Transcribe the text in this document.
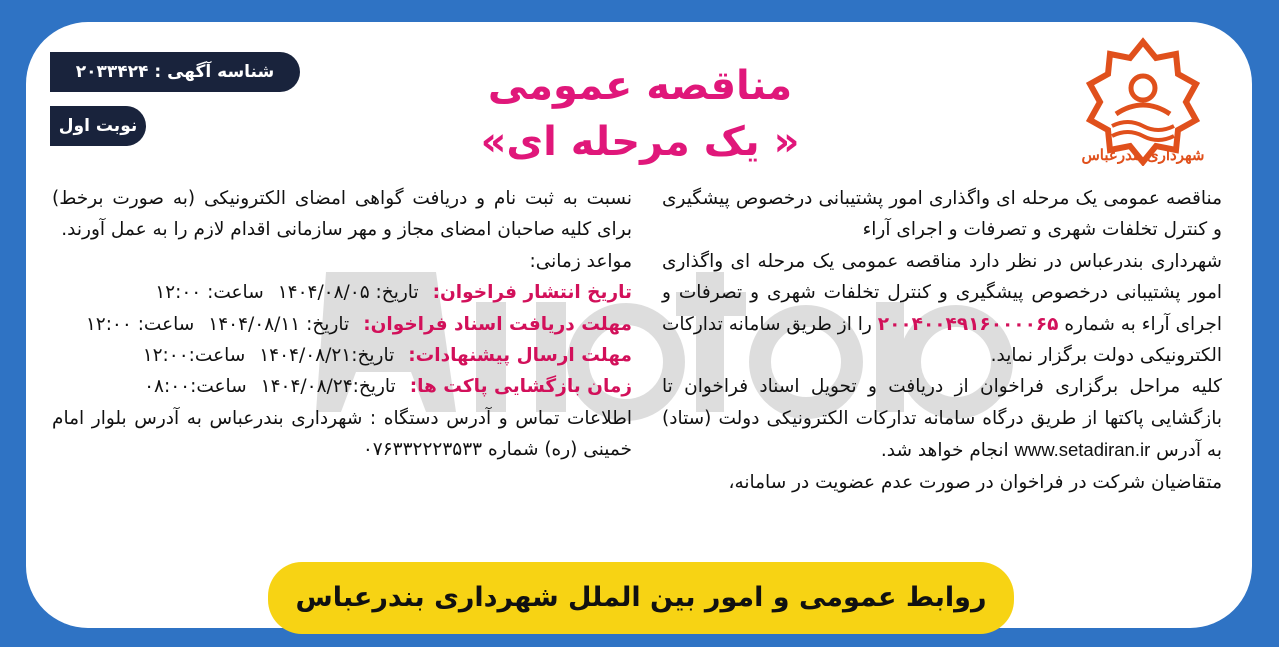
شهرداری بندرعباس
شناسه آگهی : ۲۰۳۳۴۲۴
نوبت اول
مناقصه عمومی
«یک مرحله ای »

مناقصه عمومی یک مرحله ای واگذاری امور پشتیبانی درخصوص پیشگیری و کنترل تخلفات شهری و تصرفات و اجرای آراء

شهرداری بندرعباس در نظر دارد مناقصه عمومی یک مرحله ای واگذاری امور پشتیبانی درخصوص پیشگیری و کنترل تخلفات شهری و تصرفات و اجرای آراء به شماره ۲۰۰۴۰۰۴۹۱۶۰۰۰۰۶۵ را از طریق سامانه تدارکات الکترونیکی دولت برگزار نماید.

کلیه مراحل برگزاری فراخوان از دریافت و تحویل اسناد فراخوان تا بازگشایی پاکتها از طریق درگاه سامانه تدارکات الکترونیکی دولت (ستاد) به آدرس www.setadiran.ir انجام خواهد شد.

متقاضیان شرکت در فراخوان در صورت عدم عضویت در سامانه،

نسبت به ثبت نام و دریافت گواهی امضای الکترونیکی (به صورت برخط) برای کلیه صاحبان امضای مجاز و مهر سازمانی اقدام لازم را به عمل آورند.

مواعد زمانی:

تاریخ انتشار فراخوان:
تاریخ: ۱۴۰۴/۰۸/۰۵
ساعت: ۱۲:۰۰
مهلت دریافت اسناد فراخوان:
تاریخ: ۱۴۰۴/۰۸/۱۱
ساعت: ۱۲:۰۰
مهلت ارسال پیشنهادات:
تاریخ:۱۴۰۴/۰۸/۲۱
ساعت:۱۲:۰۰
زمان بازگشایی پاکت ها:
تاریخ:۱۴۰۴/۰۸/۲۴
ساعت:۰۸:۰۰

اطلاعات تماس و آدرس دستگاه : شهرداری بندرعباس به آدرس بلوار امام خمینی (ره) شماره ۰۷۶۳۳۲۲۲۳۵۳۳

روابط عمومی و امور بین الملل شهرداری بندرعباس
